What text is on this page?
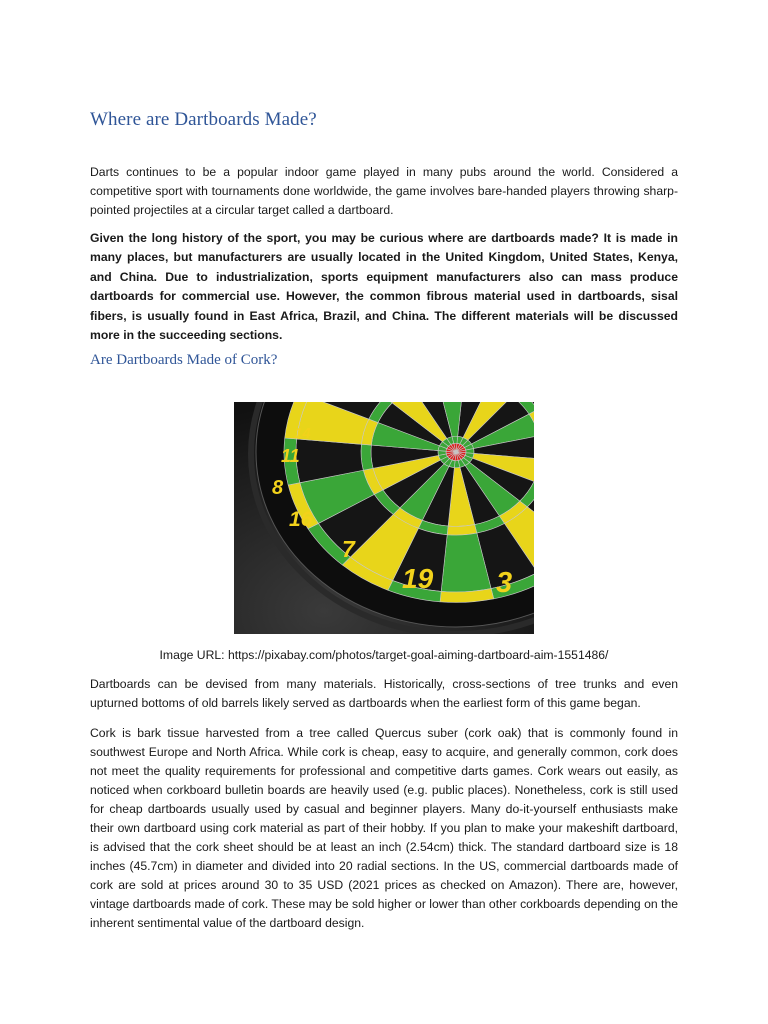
Where are Dartboards Made?

Darts continues to be a popular indoor game played in many pubs around the world. Considered a competitive sport with tournaments done worldwide, the game involves bare-handed players throwing sharp-pointed projectiles at a circular target called a dartboard.

Given the long history of the sport, you may be curious where are dartboards made? It is made in many places, but manufacturers are usually located in the United Kingdom, United States, Kenya, and China. Due to industrialization, sports equipment manufacturers also can mass produce dartboards for commercial use. However, the common fibrous material used in dartboards, sisal fibers, is usually found in East Africa, Brazil, and China. The different materials will be discussed more in the succeeding sections.

Are Dartboards Made of Cork?
14
11
8
16
7
19 3
Image URL: https://pixabay.com/photos/target-goal-aiming-dartboard-aim-1551486/

Dartboards can be devised from many materials. Historically, cross-sections of tree trunks and even upturned bottoms of old barrels likely served as dartboards when the earliest form of this game began.

Cork is bark tissue harvested from a tree called Quercus suber (cork oak) that is commonly found in southwest Europe and North Africa. While cork is cheap, easy to acquire, and generally common, cork does not meet the quality requirements for professional and competitive darts games. Cork wears out easily, as noticed when corkboard bulletin boards are heavily used (e.g. public places). Nonetheless, cork is still used for cheap dartboards usually used by casual and beginner players. Many do-it-yourself enthusiasts make their own dartboard using cork material as part of their hobby. If you plan to make your makeshift dartboard, is advised that the cork sheet should be at least an inch (2.54cm) thick. The standard dartboard size is 18 inches (45.7cm) in diameter and divided into 20 radial sections. In the US, commercial dartboards made of cork are sold at prices around 30 to 35 USD (2021 prices as checked on Amazon). There are, however, vintage dartboards made of cork. These may be sold higher or lower than other corkboards depending on the inherent sentimental value of the dartboard design.
